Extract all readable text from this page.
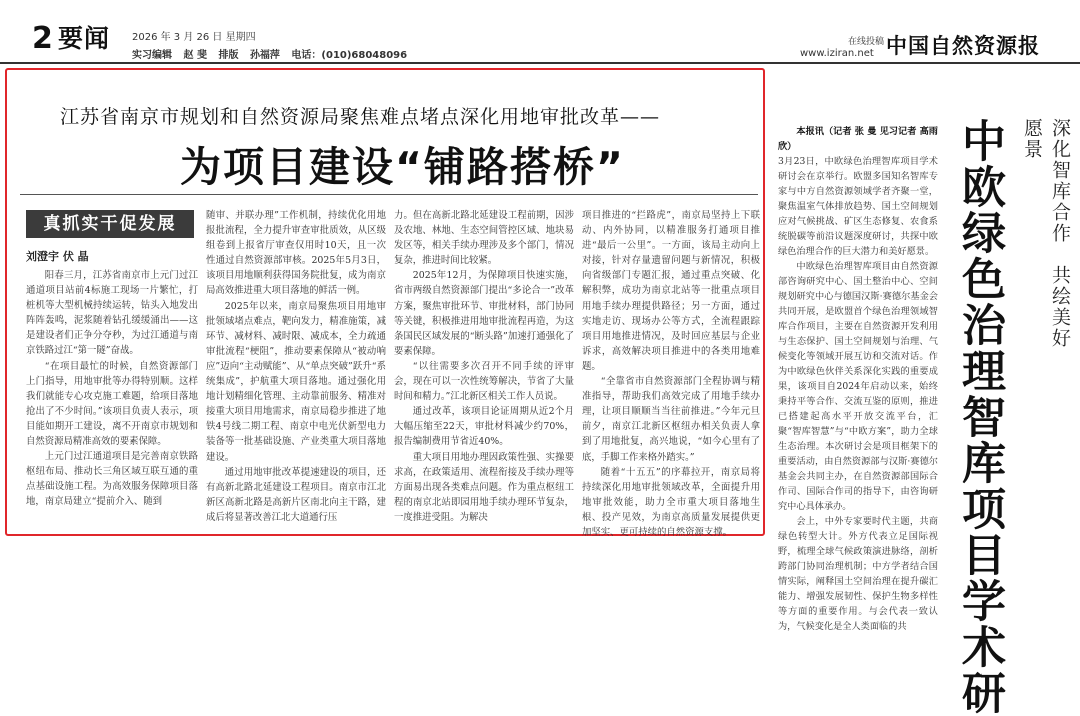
2 要闻 2026 年 3 月 26 日 星期四
实习编辑 赵 斐 排版 孙福萍 电话：(010)68048096
在线投稿
www.iziran.net 中国自然资源报
江苏省南京市规划和自然资源局聚焦难点堵点深化用地审批改革——
为项目建设“铺路搭桥”
真抓实干促发展
刘澄宇 伏 晶

阳春三月，江苏省南京市上元门过江通道项目站前4标施工现场一片繁忙，打桩机等大型机械持续运转，钻头入地发出阵阵轰鸣，泥浆随着钻孔缓缓涌出——这是建设者们正争分夺秒，为过江通道与南京铁路过江“第一隧”奋战。

“在项目最忙的时候，自然资源部门上门指导，用地审批等办得特别顺。这样我们就能专心攻克施工难题，给项目落地抢出了不少时间。”该项目负责人表示，项目能如期开工建设，离不开南京市规划和自然资源局精准高效的要素保障。

上元门过江通道项目是完善南京铁路枢纽布局、推动长三角区域互联互通的重点基础设施工程。为高效服务保障项目落地，南京局建立“提前介入、随到

随审、并联办理”工作机制，持续优化用地报批流程，全力提升审查审批质效，从区级组卷到上报省厅审查仅用时10天，且一次性通过自然资源部审核。2025年5月3日，该项目用地顺利获得国务院批复，成为南京局高效推进重大项目落地的鲜活一例。

2025年以来，南京局聚焦项目用地审批领域堵点难点，靶向发力，精准施策，减环节、减材料、减时限、减成本，全力疏通审批流程“梗阻”，推动要素保障从“被动响应”迈向“主动赋能”、从“单点突破”跃升“系统集成”，护航重大项目落地。通过强化用地计划精细化管理、主动靠前服务、精准对接重大项目用地需求，南京局稳步推进了地铁4号线二期工程、南京中电光伏新型电力装备等一批基础设施、产业类重大项目落地建设。

通过用地审批改革提速建设的项目，还有高新北路北延建设工程项目。南京市江北新区高新北路是高新片区南北向主干路，建成后将显著改善江北大道通行压

力。但在高新北路北延建设工程前期，因涉及农地、林地、生态空间管控区域、地块易发区等，相关手续办理涉及多个部门，情况复杂，推进时间比较紧。

2025年12月，为保障项目快速实施，省市两级自然资源部门提出“多论合一”改革方案，聚焦审批环节、审批材料，部门协同等关键，积极推进用地审批流程再造，为这条国民区域发展的“断头路”加速打通强化了要素保障。

“以往需要多次召开不同手续的评审会，现在可以一次性统筹解决，节省了大量时间和精力。”江北新区相关工作人员说。

通过改革，该项目论证周期从近2个月大幅压缩至22天，审批材料减少约70%，报告编制费用节省近40%。

重大项目用地办理因政策性强、实操要求高，在政策适用、流程衔接及手续办理等方面易出现各类难点问题。作为重点枢纽工程的南京北站即园用地手续办理环节复杂，一度推进受阻。为解决

项目推进的“拦路虎”，南京局坚持上下联动、内外协同，以精准服务打通项目推进“最后一公里”。一方面，该局主动向上对接，针对存量遗留问题与新情况，积极向省级部门专题汇报，通过重点突破、化解积弊，成功为南京北站等一批重点项目用地手续办理提供路径；另一方面，通过实地走访、现场办公等方式，全流程跟踪项目用地推进情况，及时回应基层与企业诉求，高效解决项目推进中的各类用地难题。

“全靠省市自然资源部门全程协调与精准指导，帮助我们高效完成了用地手续办理，让项目顺顺当当往前推进。”今年元旦前夕，南京江北新区枢纽办相关负责人拿到了用地批复，高兴地说，“如今心里有了底，手脚工作来格外踏实。”

随着“十五五”的序幕拉开，南京局将持续深化用地审批领域改革，全面提升用地审批效能，助力全市重大项目落地生根、投产见效，为南京高质量发展提供更加坚实、更可持续的自然资源支撑。

本报讯（记者 张 曼 见习记者 高雨欣）

3月23日，中欧绿色治理智库项目学术研讨会在京举行。欧盟多国知名智库专家与中方自然资源领域学者齐聚一堂，聚焦温室气体排放趋势、国土空间规划应对气候挑战、矿区生态修复、农食系统脱碳等前沿议题深度研讨，共探中欧绿色治理合作的巨大潜力和美好愿景。

中欧绿色治理智库项目由自然资源部咨询研究中心、国土整治中心、空间规划研究中心与德国汉斯·赛德尔基金会共同开展，是欧盟首个绿色治理领域智库合作项目，主要在自然资源开发利用与生态保护、国土空间规划与治理、气候变化等领域开展互访和交流对话。作为中欧绿色伙伴关系深化实践的重要成果，该项目自2024年启动以来，始终秉持平等合作、交流互鉴的原则，推进已搭建起高水平开放交流平台，汇聚“智库智慧”与“中欧方案”，助力全球生态治理。本次研讨会是项目框架下的重要活动，由自然资源部与汉斯·赛德尔基金会共同主办，在自然资源部国际合作司、国际合作司的指导下，由咨询研究中心具体承办。

会上，中外专家要时代主题，共商绿色转型大计。外方代表立足国际视野，梳理全球气候政策演进脉络，剖析跨部门协同治理机制；中方学者结合国情实际，阐释国土空间治理在提升碳汇能力、增强发展韧性、保护生物多样性等方面的重要作用。与会代表一致认为，气候变化是全人类面临的共	中欧绿色治理智库项目学术研	深化智库合作　共绘美好愿景
